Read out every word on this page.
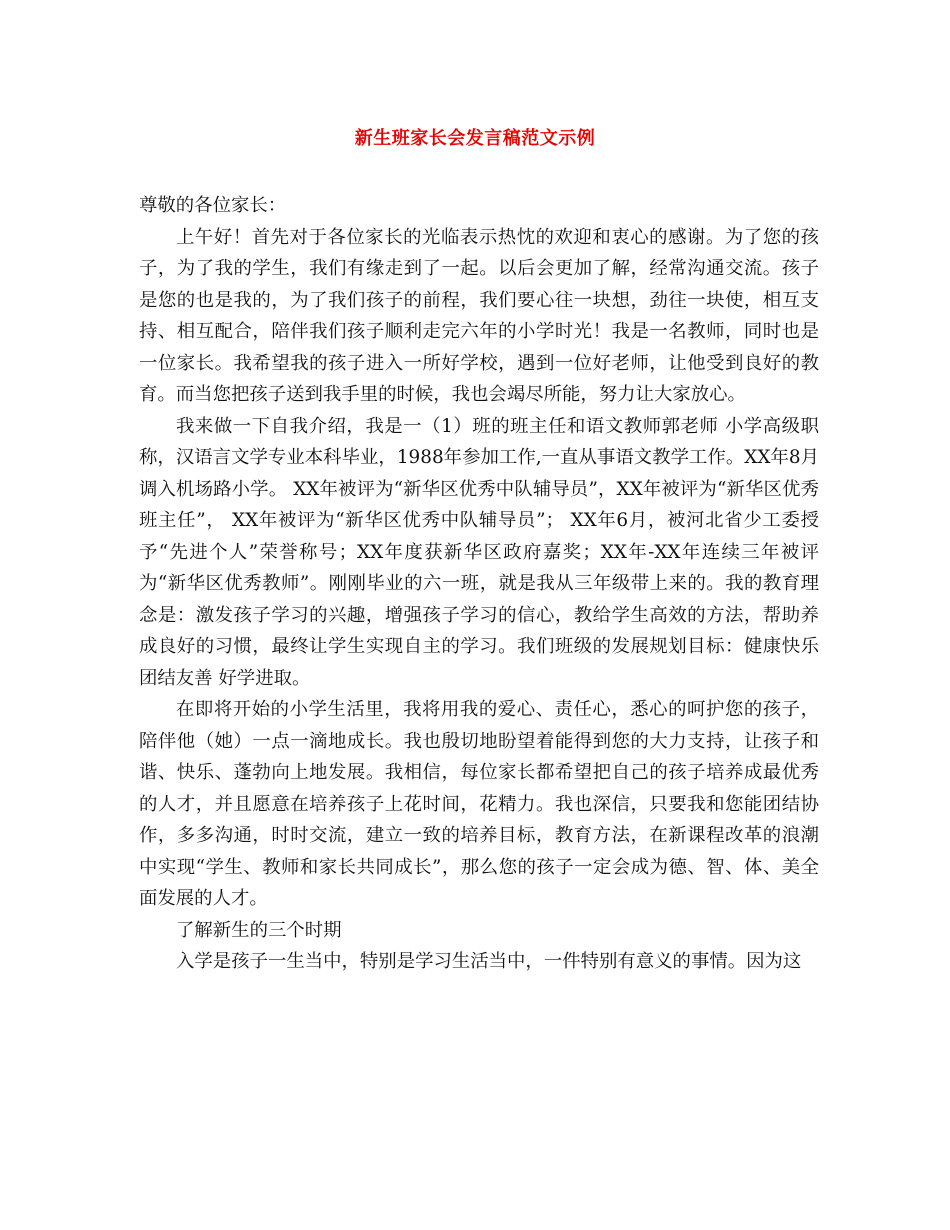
新生班家长会发言稿范文示例

尊敬的各位家长：

上午好！首先对于各位家长的光临表示热忱的欢迎和衷心的感谢。为了您的孩子，为了我的学生，我们有缘走到了一起。以后会更加了解，经常沟通交流。孩子是您的也是我的，为了我们孩子的前程，我们要心往一块想，劲往一块使，相互支持、相互配合，陪伴我们孩子顺利走完六年的小学时光！我是一名教师，同时也是一位家长。我希望我的孩子进入一所好学校，遇到一位好老师，让他受到良好的教育。而当您把孩子送到我手里的时候，我也会竭尽所能，努力让大家放心。

我来做一下自我介绍，我是一（1）班的班主任和语文教师郭老师 小学高级职称，汉语言文学专业本科毕业，1988年参加工作,一直从事语文教学工作。XX年8月调入机场路小学。 XX年被评为“新华区优秀中队辅导员”，XX年被评为“新华区优秀班主任”， XX年被评为“新华区优秀中队辅导员”； XX年6月，被河北省少工委授予“先进个人”荣誉称号；XX年度获新华区政府嘉奖；XX年-XX年连续三年被评为“新华区优秀教师”。刚刚毕业的六一班，就是我从三年级带上来的。我的教育理念是：激发孩子学习的兴趣，增强孩子学习的信心，教给学生高效的方法，帮助养成良好的习惯，最终让学生实现自主的学习。我们班级的发展规划目标：健康快乐 团结友善 好学进取。

在即将开始的小学生活里，我将用我的爱心、责任心，悉心的呵护您的孩子，陪伴他（她）一点一滴地成长。我也殷切地盼望着能得到您的大力支持，让孩子和谐、快乐、蓬勃向上地发展。我相信，每位家长都希望把自己的孩子培养成最优秀的人才，并且愿意在培养孩子上花时间，花精力。我也深信，只要我和您能团结协作，多多沟通，时时交流，建立一致的培养目标，教育方法，在新课程改革的浪潮中实现“学生、教师和家长共同成长”，那么您的孩子一定会成为德、智、体、美全面发展的人才。

了解新生的三个时期

入学是孩子一生当中，特别是学习生活当中，一件特别有意义的事情。因为这
